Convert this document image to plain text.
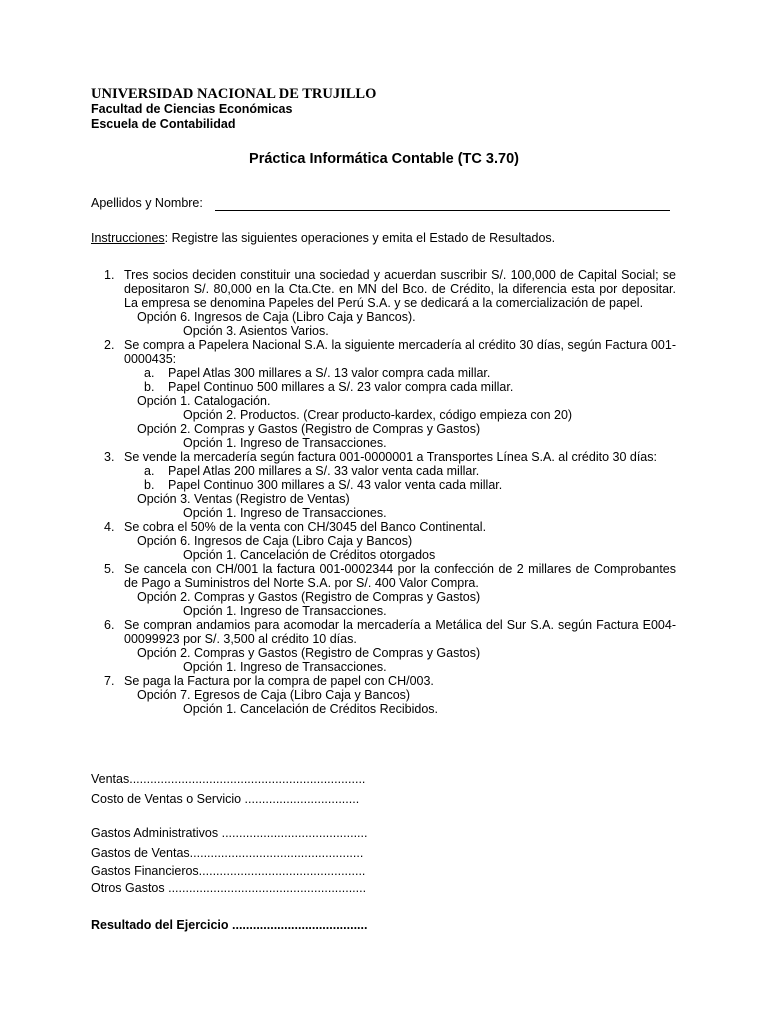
UNIVERSIDAD NACIONAL DE TRUJILLO
Facultad de Ciencias Económicas
Escuela de Contabilidad
Práctica Informática Contable (TC 3.70)
Apellidos y Nombre:
Instrucciones: Registre las siguientes operaciones y emita el Estado de Resultados.
1. Tres socios deciden constituir una sociedad y acuerdan suscribir S/. 100,000 de Capital Social; se depositaron S/. 80,000 en la Cta.Cte. en MN del Bco. de Crédito, la diferencia esta por depositar. La empresa se denomina Papeles del Perú S.A. y se dedicará a la comercialización de papel.
Opción 6. Ingresos de Caja (Libro Caja y Bancos).
Opción 3. Asientos Varios.
2. Se compra a Papelera Nacional S.A. la siguiente mercadería al crédito 30 días, según Factura 001-0000435:
a. Papel Atlas 300 millares a S/. 13 valor compra cada millar.
b. Papel Continuo 500 millares a S/. 23 valor compra cada millar.
Opción 1. Catalogación.
Opción 2. Productos. (Crear producto-kardex, código empieza con 20)
Opción 2. Compras y Gastos (Registro de Compras y Gastos)
Opción 1. Ingreso de Transacciones.
3. Se vende la mercadería según factura 001-0000001 a Transportes Línea S.A. al crédito 30 días:
a. Papel Atlas 200 millares a S/. 33 valor venta cada millar.
b. Papel Continuo 300 millares a S/. 43 valor venta cada millar.
Opción 3. Ventas (Registro de Ventas)
Opción 1. Ingreso de Transacciones.
4. Se cobra el 50% de la venta con CH/3045 del Banco Continental.
Opción 6. Ingresos de Caja (Libro Caja y Bancos)
Opción 1. Cancelación de Créditos otorgados
5. Se cancela con CH/001 la factura 001-0002344 por la confección de 2 millares de Comprobantes de Pago a Suministros del Norte S.A. por S/. 400 Valor Compra.
Opción 2. Compras y Gastos (Registro de Compras y Gastos)
Opción 1. Ingreso de Transacciones.
6. Se compran andamios para acomodar la mercadería a Metálica del Sur S.A. según Factura E004-00099923 por S/. 3,500 al crédito 10 días.
Opción 2. Compras y Gastos (Registro de Compras y Gastos)
Opción 1. Ingreso de Transacciones.
7. Se paga la Factura por la compra de papel con CH/003.
Opción 7. Egresos de Caja (Libro Caja y Bancos)
Opción 1. Cancelación de Créditos Recibidos.
Ventas....................................................................
Costo de Ventas o Servicio .................................
Gastos Administrativos ..........................................
Gastos de Ventas..................................................
Gastos Financieros................................................
Otros Gastos .........................................................
Resultado del Ejercicio .......................................
